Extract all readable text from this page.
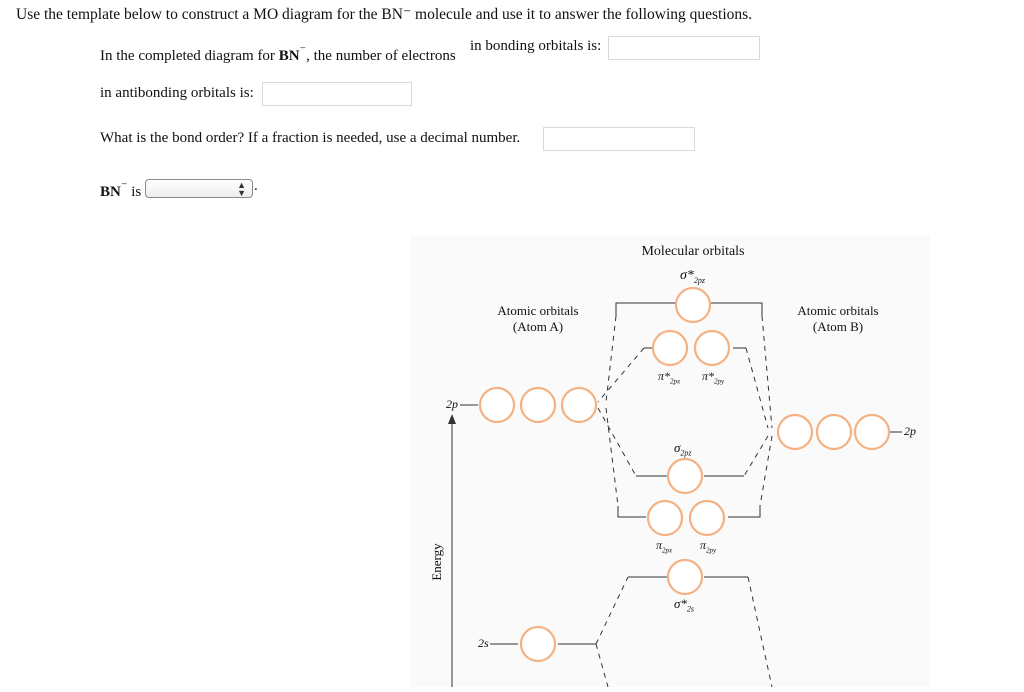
Use the template below to construct a MO diagram for the BN⁻ molecule and use it to answer the following questions.
In the completed diagram for BN⁻, the number of electrons
in bonding orbitals is:
in antibonding orbitals is:
What is the bond order? If a fraction is needed, use a decimal number.
BN⁻ is	▲
▼ .
Molecular orbitals
Atomic orbitals
(Atom A)
Atomic orbitals
(Atom B)
2p
2p
2s
$\sigma*_{2pz}$
$\pi*_{2px}$ $\pi*_{2py}$
$\sigma_{2pz}$
$\pi_{2px}$ $\pi_{2py}$
$\sigma*_{2s}$
Energy
